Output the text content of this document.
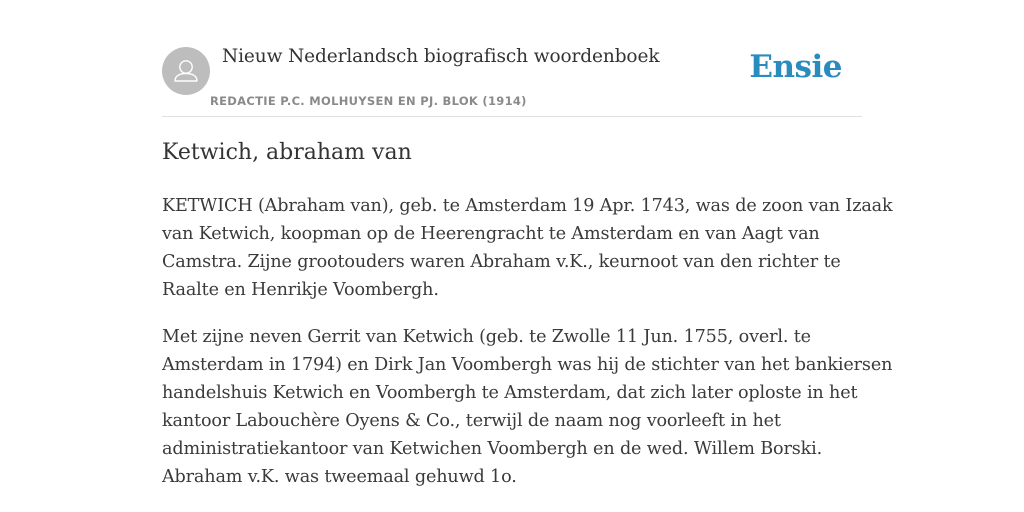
Nieuw Nederlandsch biografisch woordenboek
REDACTIE P.C. MOLHUYSEN EN PJ. BLOK (1914)
Ensie
Ketwich, abraham van

KETWICH (Abraham van), geb. te Amsterdam 19 Apr. 1743, was de zoon van Izaak
van Ketwich, koopman op de Heerengracht te Amsterdam en van Aagt van
Camstra. Zijne grootouders waren Abraham v.K., keurnoot van den richter te
Raalte en Henrikje Voombergh.

Met zijne neven Gerrit van Ketwich (geb. te Zwolle 11 Jun. 1755, overl. te
Amsterdam in 1794) en Dirk Jan Voombergh was hij de stichter van het bankiersen
handelshuis Ketwich en Voombergh te Amsterdam, dat zich later oploste in het
kantoor Labouchère Oyens & Co., terwijl de naam nog voorleeft in het
administratiekantoor van Ketwichen Voombergh en de wed. Willem Borski.
Abraham v.K. was tweemaal gehuwd 1o.
